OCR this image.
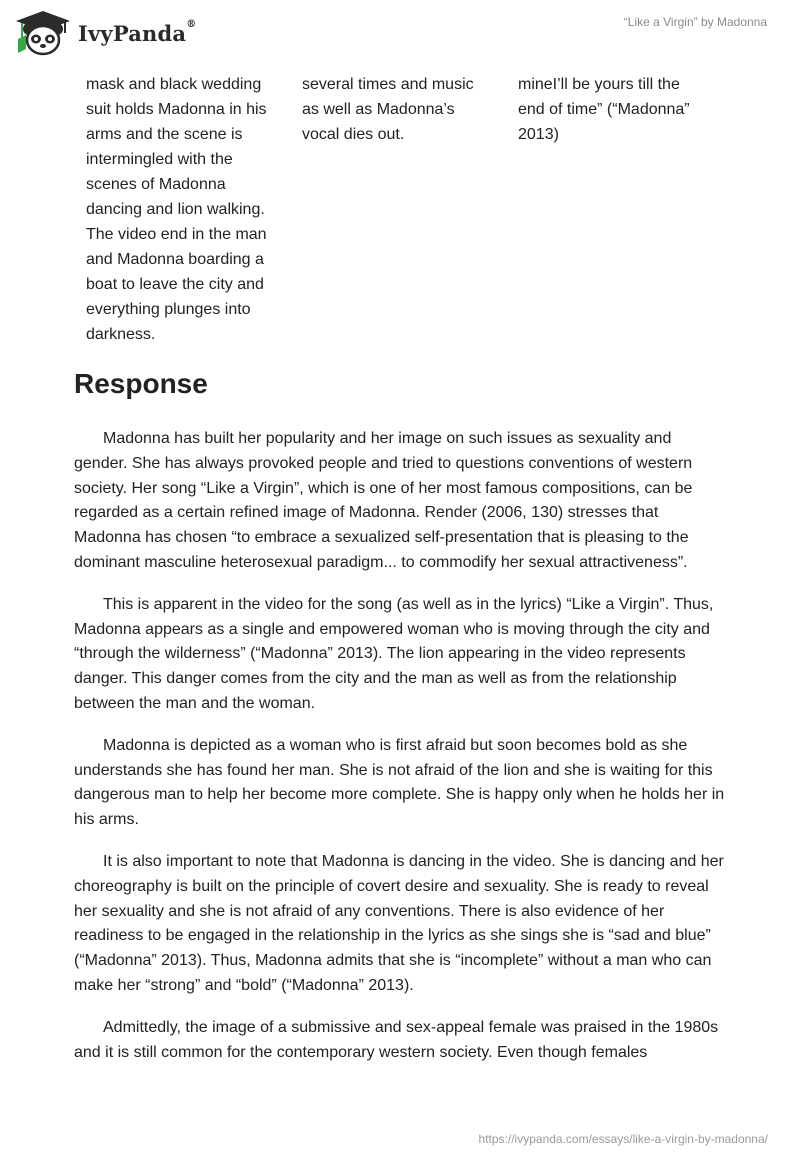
IvyPanda®	“Like a Virgin” by Madonna

mask and black wedding suit holds Madonna in his arms and the scene is intermingled with the scenes of Madonna dancing and lion walking. The video end in the man and Madonna boarding a boat to leave the city and everything plunges into darkness.

several times and music as well as Madonna’s vocal dies out.

mineI’ll be yours till the end of time” (“Madonna” 2013)

Response

Madonna has built her popularity and her image on such issues as sexuality and gender. She has always provoked people and tried to questions conventions of western society. Her song “Like a Virgin”, which is one of her most famous compositions, can be regarded as a certain refined image of Madonna. Render (2006, 130) stresses that Madonna has chosen “to embrace a sexualized self-presentation that is pleasing to the dominant masculine heterosexual paradigm... to commodify her sexual attractiveness”.

This is apparent in the video for the song (as well as in the lyrics) “Like a Virgin”. Thus, Madonna appears as a single and empowered woman who is moving through the city and “through the wilderness” (“Madonna” 2013). The lion appearing in the video represents danger. This danger comes from the city and the man as well as from the relationship between the man and the woman.

Madonna is depicted as a woman who is first afraid but soon becomes bold as she understands she has found her man. She is not afraid of the lion and she is waiting for this dangerous man to help her become more complete. She is happy only when he holds her in his arms.

It is also important to note that Madonna is dancing in the video. She is dancing and her choreography is built on the principle of covert desire and sexuality. She is ready to reveal her sexuality and she is not afraid of any conventions. There is also evidence of her readiness to be engaged in the relationship in the lyrics as she sings she is “sad and blue” (“Madonna” 2013). Thus, Madonna admits that she is “incomplete” without a man who can make her “strong” and “bold” (“Madonna” 2013).

Admittedly, the image of a submissive and sex-appeal female was praised in the 1980s and it is still common for the contemporary western society. Even though females

https://ivypanda.com/essays/like-a-virgin-by-madonna/
